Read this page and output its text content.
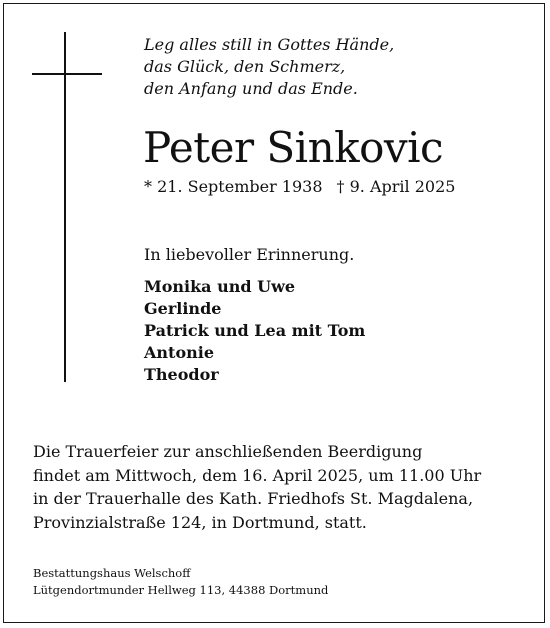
Leg alles still in Gottes Hände,
das Glück, den Schmerz,
den Anfang und das Ende.
Peter Sinkovic
* 21. September 1938 † 9. April 2025
In liebevoller Erinnerung.
Monika und Uwe
Gerlinde
Patrick und Lea mit Tom
Antonie
Theodor
Die Trauerfeier zur anschließenden Beerdigung
findet am Mittwoch, dem 16. April 2025, um 11.00 Uhr
in der Trauerhalle des Kath. Friedhofs St. Magdalena,
Provinzialstraße 124, in Dortmund, statt.
Bestattungshaus Welschoff
Lütgendortmunder Hellweg 113, 44388 Dortmund
